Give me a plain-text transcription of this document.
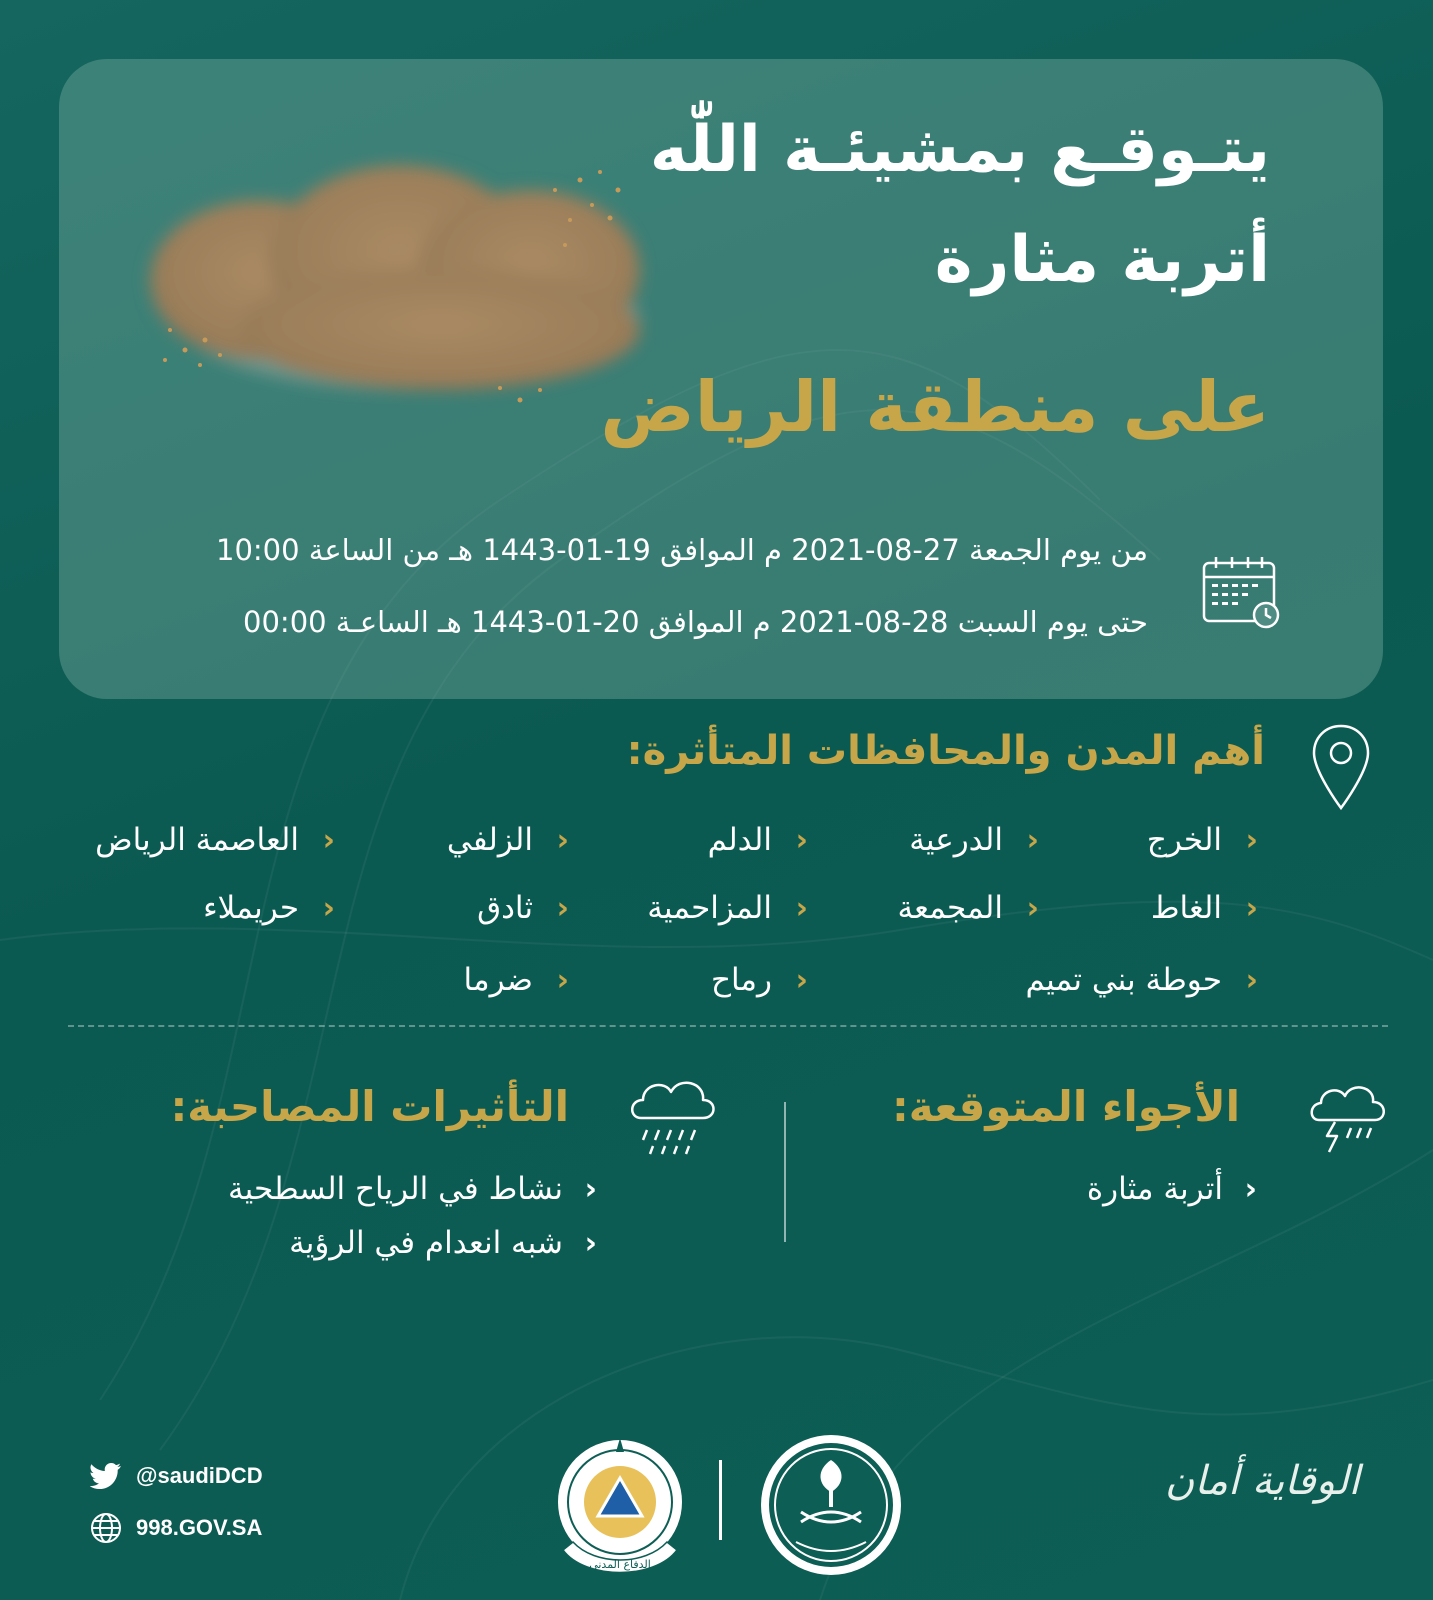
يتـوقـع بمشيئـة اللّٰه
أتربة مثارة
على منطقة الرياض
من يوم الجمعة 27-08-2021 م الموافق 19-01-1443 هـ من الساعة 10:00
حتى يوم السبت 28-08-2021 م الموافق 20-01-1443 هـ الساعـة 00:00
أهم المدن والمحافظات المتأثرة:
‹
الخرج
‹
الدرعية
‹
الدلم
‹
الزلفي
‹
العاصمة الرياض
‹
الغاط
‹
المجمعة
‹
المزاحمية
‹
ثادق
‹
حريملاء
‹
حوطة بني تميم
‹
رماح
‹
ضرما
الأجواء المتوقعة:
‹
أتربة مثارة
التأثيرات المصاحبة:
‹
نشاط في الرياح السطحية
‹
شبه انعدام في الرؤية
@saudiDCD
998.GOV.SA
الدفاع المدني
الوقاية أمان
